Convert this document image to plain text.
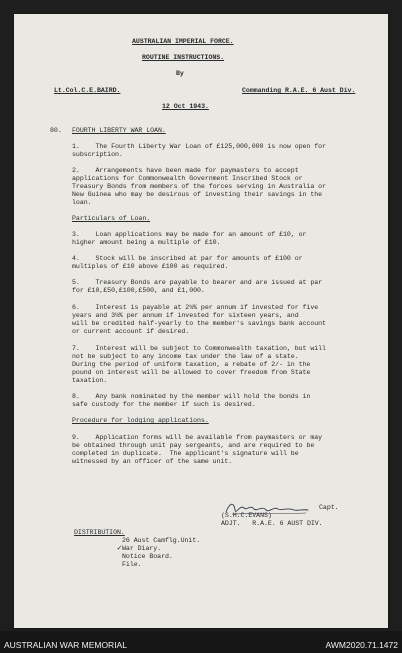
AUSTRALIAN IMPERIAL FORCE.
ROUTINE INSTRUCTIONS.
By
Lt.Col.C.E.BAIRD.	Commanding R.A.E. 6 Aust Div.
12 Oct 1943.
80. FOURTH LIBERTY WAR LOAN.
1.    The Fourth Liberty War Loan of £125,000,000 is now open for
subscription.
2.    Arrangements have been made for paymasters to accept
applications for Commonwealth Government Inscribed Stock or
Treasury Bonds from members of the forces serving in Australia or
New Guinea who may be desirous of investing their savings in the
loan.
Particulars of Loan.
3.    Loan applications may be made for an amount of £10, or
higher amount being a multiple of £10.
4.    Stock will be inscribed at par for amounts of £100 or
multiples of £10 above £100 as required.
5.    Treasury Bonds are payable to bearer and are issued at par
for £10,£50,£100,£500, and £1,000.
6.    Interest is payable at 2¼% per annum if invested for five
years and 3¼% per annum if invested for sixteen years, and
will be credited half-yearly to the member's savings bank account
or current account if desired.
7.    Interest will be subject to Commonwealth taxation, but will
not be subject to any income tax under the law of a state.
During the period of uniform taxation, a rebate of 2/- in the
pound on interest will be allowed to cover freedom from State
taxation.
8.    Any bank nominated by the member will hold the bonds in
safe custody for the member if such is desired.
Procedure for lodging applications.
9.    Application forms will be available from paymasters or may
be obtained through unit pay sergeants, and are required to be
completed in duplicate.  The applicant's signature will be
witnessed by an officer of the same unit.
Capt.
(S.H.C.EVANS)
ADJT.   R.A.E. 6 AUST DIV.
DISTRIBUTION.
26 Aust Camflg.Unit.
War Diary.
Notice Board.
File.
✓
AUSTRALIAN WAR MEMORIAL	AWM2020.71.1472
